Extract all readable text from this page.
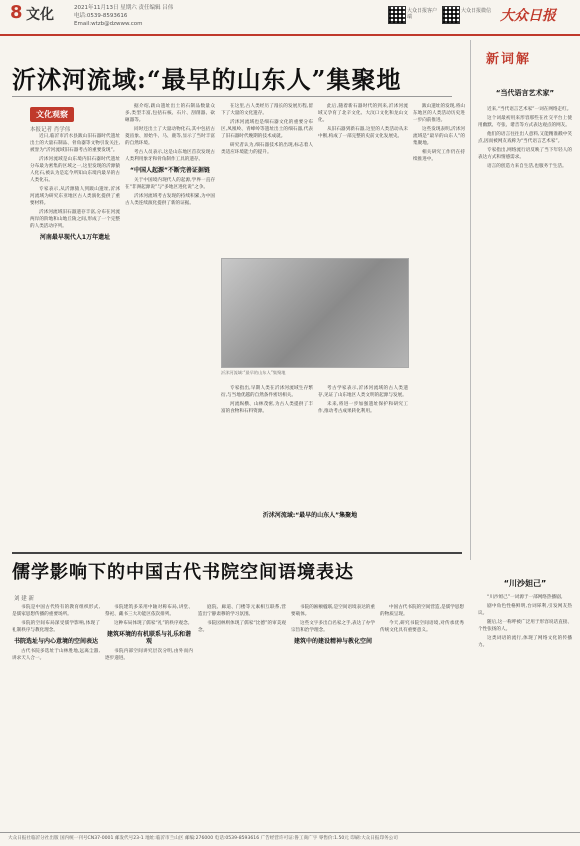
8 文化	2021年11月13日 星期六 责任编辑 吕伟
电话:0539-8593616
Email:wtzb@dzwww.com
大众日报客户端
大众日报微信 大众日报
沂沭河流域:“最早的山东人”集聚地
文化观察
本报记者 肖学伟

近日,临沂市沂水县跋山旧石器时代遗址出土的大量石制品、骨角器等文物引发关注,被誉为“沂河流域旧石器考古的重要发现”。

沂沭河流域是山东境内旧石器时代遗址分布最为密集的区域之一,这里发现的沂源猿人化石,被认为是迄今所知山东境内最早的古人类化石。

专家表示,从沂源猿人到跋山遗址,沂沭河流域为研究东亚地区古人类演化提供了重要材料。

沂沭河流域旧石器遗存丰富,分布在河流两岸的阶地和山地丘陵之间,形成了一个完整的人类活动序列。

河南最早现代人1万年遗址

据介绍,跋山遗址出土的石制品数量众多,类型丰富,包括石核、石片、刮削器、砍砸器等。

同时还出土了大量动物化石,其中包括古菱齿象、原始牛、马、鹿等,显示了当时丰富的自然环境。

考古人员表示,这是山东地区首次发现古人类利用象牙和骨角制作工具的遗存。

“中国人起源”不断完善证据链

关于中国境内现代人的起源,学界一直存在“非洲起源说”与“多地区进化说”之争。

沂沭河流域考古发现的持续积累,为中国古人类连续演化提供了新的证据。

在这里,古人类经历了漫长的发展历程,留下了大量的文化遗存。

沂沭河流域也是细石器文化的重要分布区,凤凰岭、青峰岭等遗址出土的细石器,代表了旧石器时代晚期的技术成就。

研究者认为,细石器技术的出现,标志着人类适应环境能力的提升。

专家指出,早期人类在沂沭河流域生存繁衍,与当地优越的自然条件密切相关。

河流纵横、山林茂密,为古人类提供了丰富的食物和石料资源。

沂沭河流域:“最早的山东人”集聚地
沂沭河流域:“最早的山东人”集聚地

此后,随着新石器时代的到来,沂沭河流域又孕育了北辛文化、大汶口文化和龙山文化。

从旧石器到新石器,这里的人类活动从未中断,构成了一部完整的史前文化发展史。

考古学家表示,沂沭河流域的古人类遗存,见证了山东地区人类文明的起源与发展。

未来,将进一步加强遗址保护和研究工作,推动考古成果转化利用。

跋山遗址的发现,将山东地区的人类活动历史进一步向前推进。

这些发现表明,沂沭河流域是“最早的山东人”的集聚地。

相关研究工作仍在持续推进中。

新词解
“当代语言艺术家”

近来,“当代语言艺术家”一词在网络走红。

这个词最初用来形容那些在社交平台上使用幽默、夸张、谐音等方式表达观点的网友。

他们的语言往往出人意料,又能精准戳中笑点,因而被网友戏称为“当代语言艺术家”。

专家指出,网络流行语反映了当下年轻人的表达方式和情感需求。

语言的创造力来自生活,也服务于生活。

“川沙妲己”

“川沙妲己”一词源于一部网络热播剧。

剧中角色性格鲜明,台词犀利,引发网友热议。

随后,这一称呼被广泛用于形容说话直接、个性张扬的人。

这类词语的流行,体现了网络文化的传播力。

儒学影响下的中国古代书院空间语境表达
刘 建 新

书院是中国古代特有的教育组织形式,是儒家思想传播的重要场所。

书院的空间布局深受儒学影响,体现了礼制秩序与教化理念。

书院选址与内心意境的空间表达

古代书院多选址于山林胜地,远离尘嚣,讲求天人合一。

书院建筑多采用中轴对称布局,讲堂、祭祀、藏书三大功能区依次排列。

这种布局体现了儒家“礼”的秩序观念。

建筑环境的有机联系与礼乐和谐观

书院内部空间讲究层次分明,由外而内逐步递进。

庭院、廊道、门楼等元素相互联系,营造出宁静肃穆的学习氛围。

书院园林则体现了儒家“比德”的审美观念。

书院的匾额楹联,是空间语境表达的重要载体。

这些文字多出自名家之手,表达了办学宗旨和治学理念。

建筑中的建设精神与教化空间

中国古代书院的空间营造,是儒学思想的物质呈现。

今天,研究书院空间语境,对传承优秀传统文化具有重要意义。

大众日报社临沂分社出版 国内统一刊号CN37-0001 邮发代号23-1 地址:临沂市兰山区 邮编:276000 电话:0539-8593616 广告经营许可证:鲁工商广字 零售价:1.50元 印刷:大众日报印务公司
